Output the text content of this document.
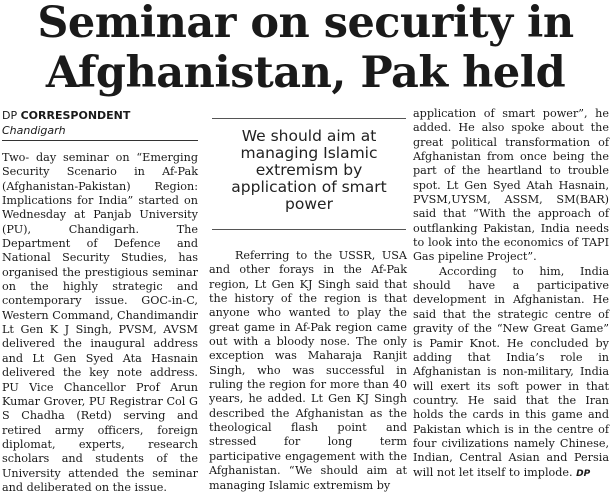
Seminar on security in
Afghanistan, Pak held
DP CORRESPONDENT
Chandigarh

Two- day seminar on “Emerging Security Scenario in Af-Pak (Afghanistan-Pakistan) Region: Implications for India” started on Wednesday at Panjab University (PU), Chandigarh. The Department of Defence and National Security Studies, has organised the prestigious seminar on the highly strategic and contemporary issue. GOC-in-C, Western Command, Chandimandir Lt Gen K J Singh, PVSM, AVSM delivered the inaugural address and Lt Gen Syed Ata Hasnain delivered the key note address. PU Vice Chancellor Prof Arun Kumar Grover, PU Registrar Col G S Chadha (Retd) serving and retired army officers, foreign diplomat, experts, research scholars and students of the University attended the seminar and deliberated on the issue.

We should aim at managing Islamic extremism by application of smart power

Referring to the USSR, USA and other forays in the Af-Pak region, Lt Gen KJ Singh said that the history of the region is that anyone who wanted to play the great game in Af-Pak region came out with a bloody nose. The only exception was Maharaja Ranjit Singh, who was successful in ruling the region for more than 40 years, he added. Lt Gen KJ Singh described the Afghanistan as the theological flash point and stressed for long term participative engagement with the Afghanistan. “We should aim at managing Islamic extremism by

application of smart power”, he added. He also spoke about the great political transformation of Afghanistan from once being the part of the heartland to trouble spot. Lt Gen Syed Atah Hasnain, PVSM,UYSM, ASSM, SM(BAR) said that “With the approach of outflanking Pakistan, India needs to look into the economics of TAPI Gas pipeline Project”.

According to him, India should have a participative development in Afghanistan. He said that the strategic centre of gravity of the “New Great Game” is Pamir Knot. He concluded by adding that India’s role in Afghanistan is non-military, India will exert its soft power in that country. He said that the Iran holds the cards in this game and Pakistan which is in the centre of four civilizations namely Chinese, Indian, Central Asian and Persia will not let itself to implode. DP
